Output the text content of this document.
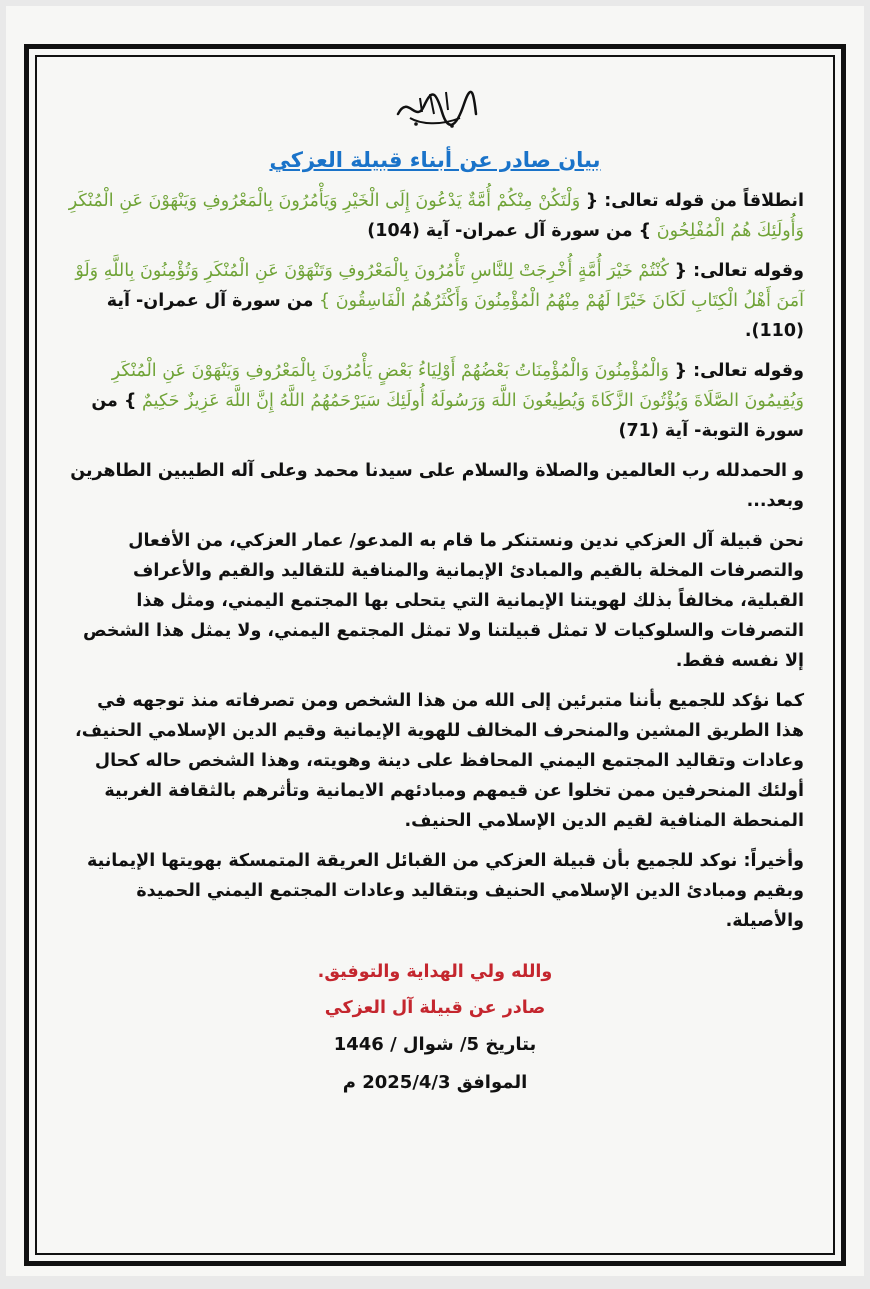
بيان صادر عن أبناء قبيلة العزكي
انطلاقاً من قوله تعالى: { وَلْتَكُنْ مِنْكُمْ أُمَّةٌ يَدْعُونَ إِلَى الْخَيْرِ وَيَأْمُرُونَ بِالْمَعْرُوفِ وَيَنْهَوْنَ عَنِ الْمُنْكَرِ وَأُولَئِكَ هُمُ الْمُفْلِحُونَ } من سورة آل عمران- آية (104)
وقوله تعالى: { كُنْتُمْ خَيْرَ أُمَّةٍ أُخْرِجَتْ لِلنَّاسِ تَأْمُرُونَ بِالْمَعْرُوفِ وَتَنْهَوْنَ عَنِ الْمُنْكَرِ وَتُؤْمِنُونَ بِاللَّهِ وَلَوْ آمَنَ أَهْلُ الْكِتَابِ لَكَانَ خَيْرًا لَهُمْ مِنْهُمُ الْمُؤْمِنُونَ وَأَكْثَرُهُمُ الْفَاسِقُونَ } من سورة آل عمران- آية (110).
وقوله تعالى: { وَالْمُؤْمِنُونَ وَالْمُؤْمِنَاتُ بَعْضُهُمْ أَوْلِيَاءُ بَعْضٍ يَأْمُرُونَ بِالْمَعْرُوفِ وَيَنْهَوْنَ عَنِ الْمُنْكَرِ وَيُقِيمُونَ الصَّلَاةَ وَيُؤْتُونَ الزَّكَاةَ وَيُطِيعُونَ اللَّهَ وَرَسُولَهُ أُولَئِكَ سَيَرْحَمُهُمُ اللَّهُ إِنَّ اللَّهَ عَزِيزٌ حَكِيمٌ } من سورة التوبة- آية (71)

و الحمدلله رب العالمين والصلاة والسلام على سيدنا محمد وعلى آله الطيبين الطاهرين وبعد...

نحن قبيلة آل العزكي ندين ونستنكر ما قام به المدعو/ عمار العزكي، من الأفعال والتصرفات المخلة بالقيم والمبادئ الإيمانية والمنافية للتقاليد والقيم والأعراف القبلية، مخالفاً بذلك لهويتنا الإيمانية التي يتحلى بها المجتمع اليمني، ومثل هذا التصرفات والسلوكيات لا تمثل قبيلتنا ولا تمثل المجتمع اليمني، ولا يمثل هذا الشخص إلا نفسه فقط.

كما نؤكد للجميع بأننا متبرئين إلى الله من هذا الشخص ومن تصرفاته منذ توجهه في هذا الطريق المشين والمنحرف المخالف للهوية الإيمانية وقيم الدين الإسلامي الحنيف، وعادات وتقاليد المجتمع اليمني المحافظ على دينة وهويته، وهذا الشخص حاله كحال أولئك المنحرفين ممن تخلوا عن قيمهم ومبادئهم الايمانية وتأثرهم بالثقافة الغربية المنحطة المنافية لقيم الدين الإسلامي الحنيف.

وأخيراً: نوكد للجميع بأن قبيلة العزكي من القبائل العريقة المتمسكة بهويتها الإيمانية وبقيم ومبادئ الدين الإسلامي الحنيف وبتقاليد وعادات المجتمع اليمني الحميدة والأصيلة.

والله ولي الهداية والتوفيق.
صادر عن قبيلة آل العزكي
بتاريخ 5/ شوال / 1446
الموافق 2025/4/3 م
